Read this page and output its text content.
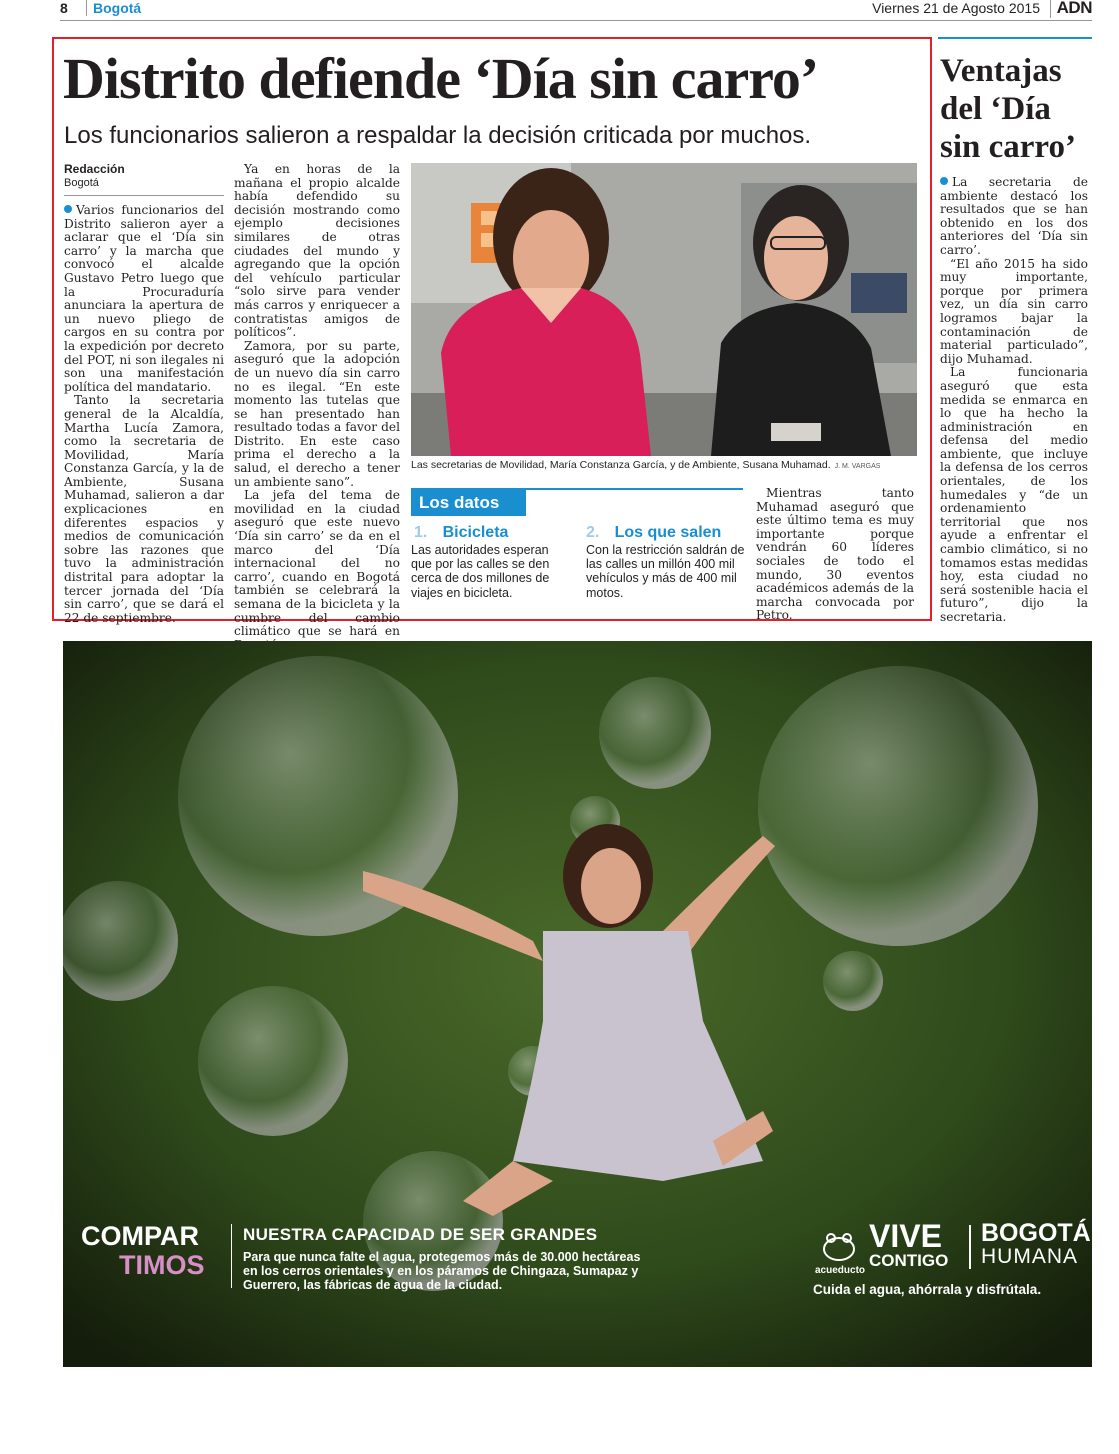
8	Bogotá	Viernes 21 de Agosto 2015 ADN
Distrito defiende ‘Día sin carro’
Los funcionarios salieron a respaldar la decisión criticada por muchos.
Redacción
Bogotá

Varios funcionarios del Distrito salieron ayer a aclarar que el ‘Día sin carro’ y la marcha que convocó el alcalde Gustavo Petro luego que la Procuraduría anunciara la apertura de un nuevo pliego de cargos en su contra por la expedición por decreto del POT, ni son ilegales ni son una manifestación política del mandatario.

Tanto la secretaria general de la Alcaldía, Martha Lucía Zamora, como la secretaria de Movilidad, María Constanza García, y la de Ambiente, Susana Muhamad, salieron a dar explicaciones en diferentes espacios y medios de comunicación sobre las razones que tuvo la administración distrital para adoptar la tercer jornada del ‘Día sin carro’, que se dará el 22 de septiembre.

Ya en horas de la mañana el propio alcalde había defendido su decisión mostrando como ejemplo decisiones similares de otras ciudades del mundo y agregando que la opción del vehículo particular “solo sirve para vender más carros y enriquecer a contratistas amigos de políticos”.

Zamora, por su parte, aseguró que la adopción de un nuevo día sin carro no es ilegal. “En este momento las tutelas que se han presentado han resultado todas a favor del Distrito. En este caso prima el derecho a la salud, el derecho a tener un ambiente sano”.

La jefa del tema de movilidad en la ciudad aseguró que este nuevo ‘Día sin carro’ se da en el marco del ‘Día internacional del no carro’, cuando en Bogotá también se celebrará la semana de la bicicleta y la cumbre del cambio climático que se hará en

Las secretarias de Movilidad, María Constanza García, y de Ambiente, Susana Muhamad. J. M. VARGAS
Los datos
1. Bicicleta
Las autoridades esperan que por las calles se den cerca de dos millones de viajes en bicicleta.
2. Los que salen
Con la restricción saldrán de las calles un millón 400 mil vehículos y más de 400 mil motos.

Mientras tanto Muhamad aseguró que este último tema es muy importante porque vendrán 60 líderes sociales de todo el mundo, 30 eventos académicos además de la marcha convocada por Petro.

Ventajas del ‘Día sin carro’

La secretaria de ambiente destacó los resultados que se han obtenido en los dos anteriores del ‘Día sin carro’.

“El año 2015 ha sido muy importante, porque por primera vez, un día sin carro logramos bajar la contaminación de material particulado”, dijo Muhamad.

La funcionaria aseguró que esta medida se enmarca en lo que ha hecho la administración en defensa del medio ambiente, que incluye la defensa de los cerros orientales, de los humedales y “de un ordenamiento territorial que nos ayude a enfrentar el cambio climático, si no tomamos estas medidas hoy, esta ciudad no será sostenible hacia el futuro”, dijo la secretaria.

COMPAR
TIMOS
NUESTRA CAPACIDAD DE SER GRANDES
Para que nunca falte el agua, protegemos más de 30.000 hectáreas en los cerros orientales y en los páramos de Chingaza, Sumapaz y Guerrero, las fábricas de agua de la ciudad.
acueducto
VIVE
CONTIGO
BOGOTÁ
HUMANA
Cuida el agua, ahórrala y disfrútala.
